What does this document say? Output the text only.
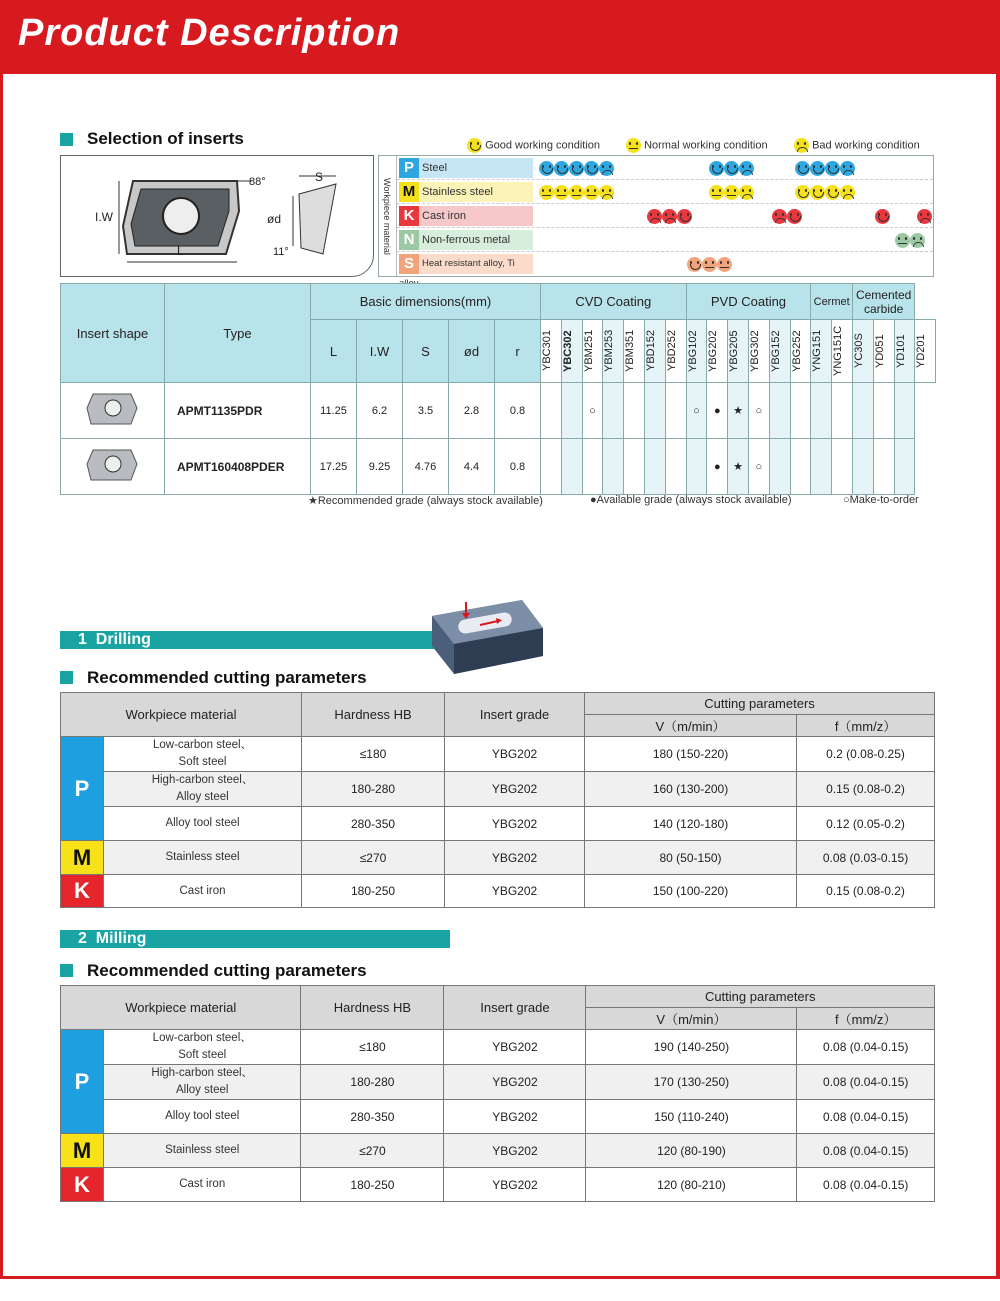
Product Description
Selection of inserts	Good working condition	Normal working condition	Bad working condition
88°
I.W
L
S
ød
11°	Workpiece material
P Steel
M Stainless steel
K Cast iron
N Non-ferrous metal
S Heat resistant alloy, Ti
Insert shape	Type	Basic dimensions(mm)					CVD Coating							PVD Coating						Cermet		Cemented carbide			
		L	I.W	S	ød	r	YBC301	YBC302	YBM251	YBM253	YBM351	YBD152	YBD252	YBG102	YBG202	YBG205	YBG302	YBG152	YBG252	YNG151	YNG151C	YC30S	YD051	YD101	YD201

	APMT1135PDR	11.25	6.2	3.5	2.8	0.8			○					○	●	★	○								
	APMT160408PDER	17.25	9.25	4.76	4.4	0.8									●	★	○								
★Recommended grade (always stock available)	●Available grade (always stock available)	○Make-to-order
1 Drilling
Recommended cutting parameters
Workpiece material		Hardness HB	Insert grade	Cutting parameters	
				V（m/min）	f（mm/z）
P	Low-carbon steel、
Soft steel	≤180	YBG202	180 (150-220)	0.2 (0.08-0.25)
	High-carbon steel、
Alloy steel	180-280	YBG202	160 (130-200)	0.15 (0.08-0.2)
	Alloy tool steel	280-350	YBG202	140 (120-180)	0.12 (0.05-0.2)
M	Stainless steel	≤270	YBG202	80 (50-150)	0.08 (0.03-0.15)
K	Cast iron	180-250	YBG202	150 (100-220)	0.15 (0.08-0.2)
2 Milling
Recommended cutting parameters
Workpiece material		Hardness HB	Insert grade	Cutting parameters	
				V（m/min）	f（mm/z）
P	Low-carbon steel、
Soft steel	≤180	YBG202	190 (140-250)	0.08 (0.04-0.15)
	High-carbon steel、
Alloy steel	180-280	YBG202	170 (130-250)	0.08 (0.04-0.15)
	Alloy tool steel	280-350	YBG202	150 (110-240)	0.08 (0.04-0.15)
M	Stainless steel	≤270	YBG202	120 (80-190)	0.08 (0.04-0.15)
K	Cast iron	180-250	YBG202	120 (80-210)	0.08 (0.04-0.15)
